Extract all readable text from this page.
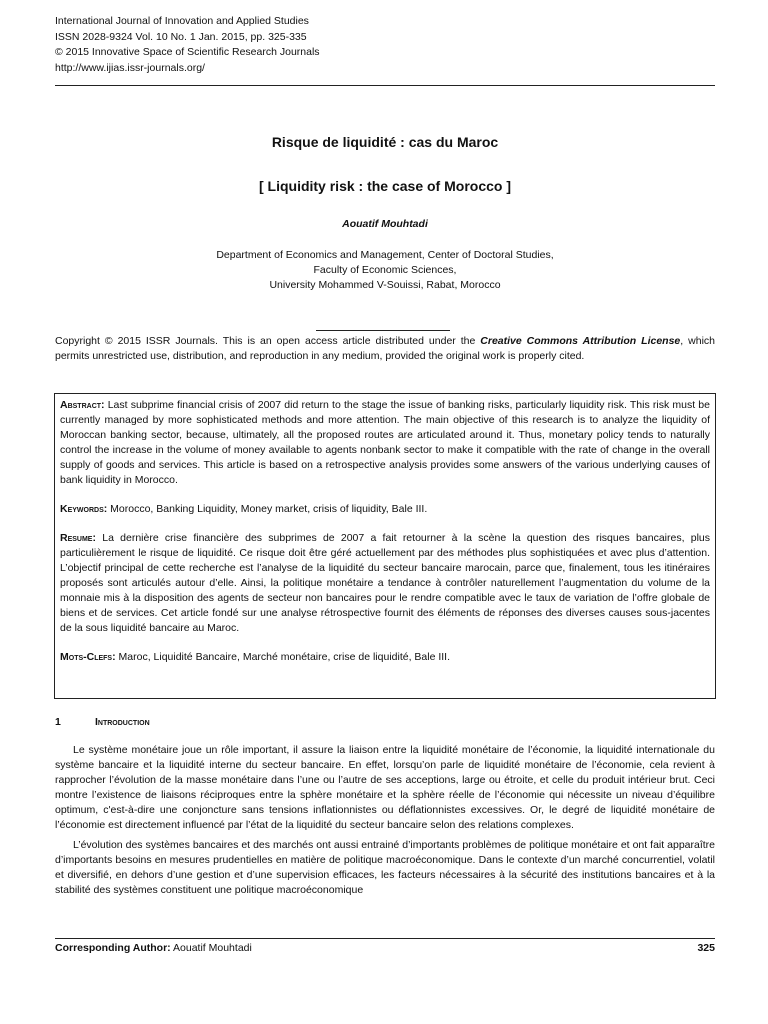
International Journal of Innovation and Applied Studies
ISSN 2028-9324 Vol. 10 No. 1 Jan. 2015, pp. 325-335
© 2015 Innovative Space of Scientific Research Journals
http://www.ijias.issr-journals.org/
Risque de liquidité : cas du Maroc
[ Liquidity risk : the case of Morocco ]
Aouatif Mouhtadi
Department of Economics and Management, Center of Doctoral Studies,
Faculty of Economic Sciences,
University Mohammed V-Souissi, Rabat, Morocco
Copyright © 2015 ISSR Journals. This is an open access article distributed under the Creative Commons Attribution License, which permits unrestricted use, distribution, and reproduction in any medium, provided the original work is properly cited.

Abstract: Last subprime financial crisis of 2007 did return to the stage the issue of banking risks, particularly liquidity risk. This risk must be currently managed by more sophisticated methods and more attention. The main objective of this research is to analyze the liquidity of Moroccan banking sector, because, ultimately, all the proposed routes are articulated around it. Thus, monetary policy tends to naturally control the increase in the volume of money available to agents nonbank sector to make it compatible with the rate of change in the overall supply of goods and services. This article is based on a retrospective analysis provides some answers of the various underlying causes of bank liquidity in Morocco.

Keywords: Morocco, Banking Liquidity, Money market, crisis of liquidity, Bale III.

Resume: La dernière crise financière des subprimes de 2007 a fait retourner à la scène la question des risques bancaires, plus particulièrement le risque de liquidité. Ce risque doit être géré actuellement par des méthodes plus sophistiquées et avec plus d’attention. L’objectif principal de cette recherche est l’analyse de la liquidité du secteur bancaire marocain, parce que, finalement, tous les itinéraires proposés sont articulés autour d’elle. Ainsi, la politique monétaire a tendance à contrôler naturellement l’augmentation du volume de la monnaie mis à la disposition des agents de secteur non bancaires pour le rendre compatible avec le taux de variation de l’offre globale de biens et de services. Cet article fondé sur une analyse rétrospective fournit des éléments de réponses des diverses causes sous-jacentes de la sous liquidité bancaire au Maroc.

Mots-Clefs: Maroc, Liquidité Bancaire, Marché monétaire, crise de liquidité, Bale III.

1	Introduction

Le système monétaire joue un rôle important, il assure la liaison entre la liquidité monétaire de l’économie, la liquidité internationale du système bancaire et la liquidité interne du secteur bancaire. En effet, lorsqu’on parle de liquidité monétaire de l’économie, cela revient à rapprocher l’évolution de la masse monétaire dans l’une ou l’autre de ses acceptions, large ou étroite, et celle du produit intérieur brut. Ceci montre l’existence de liaisons réciproques entre la sphère monétaire et la sphère réelle de l’économie qui nécessite un niveau d’équilibre optimum, c'est-à-dire une conjoncture sans tensions inflationnistes ou déflationnistes excessives. Or, le degré de liquidité monétaire de l’économie est directement influencé par l’état de la liquidité du secteur bancaire selon des relations complexes.

L’évolution des systèmes bancaires et des marchés ont aussi entrainé d’importants problèmes de politique monétaire et ont fait apparaître d’importants besoins en mesures prudentielles en matière de politique macroéconomique. Dans le contexte d’un marché concurrentiel, volatil et diversifié, en dehors d’une gestion et d’une supervision efficaces, les facteurs nécessaires à la sécurité des institutions bancaires et à la stabilité des systèmes constituent une politique macroéconomique

Corresponding Author: Aouatif Mouhtadi	325
